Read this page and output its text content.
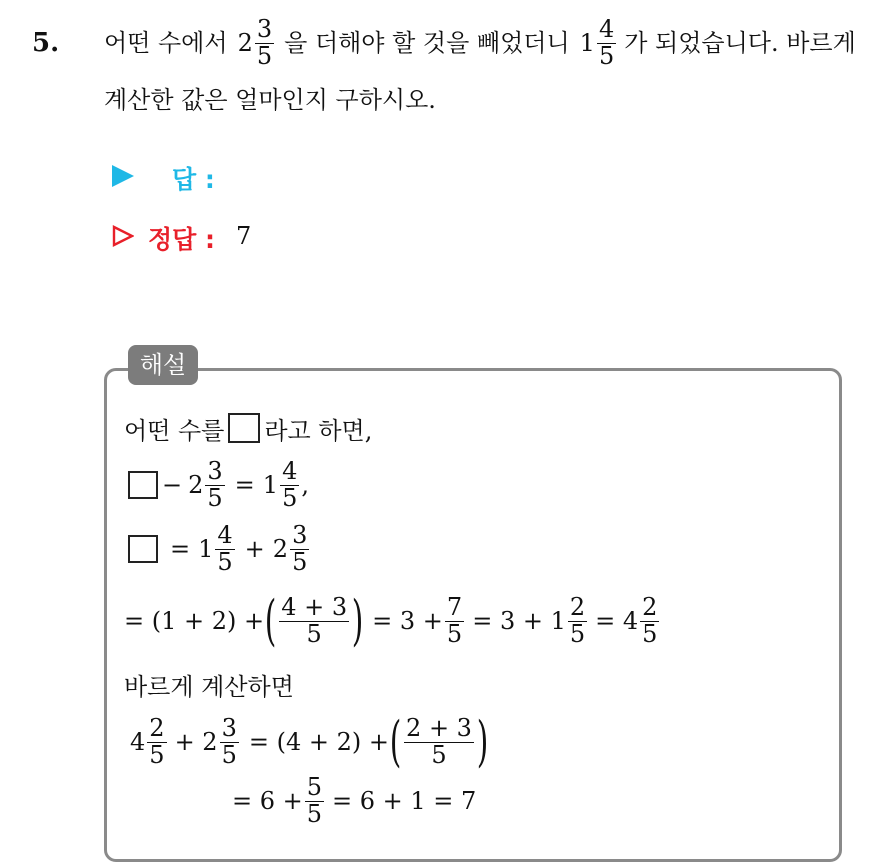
5. 어떤 수에서 $2 \frac{3}{5}$ 을 더해야 할 것을 빼었더니 $1 \frac{4}{5}$ 가 되었습니다. 바르게
계산한 값은 얼마인지 구하시오.
답 :
정답 : 7
해설
어떤 수를 라고 하면,
− $2 \frac{3}{5} = 1 \frac{4}{5}$ ,
= $1 \frac{4}{5} + 2 \frac{3}{5}$
= (1 + 2) + ( $\frac{4 + 3}{5}$ ) = $3 + \frac{7}{5} = 3 + 1 \frac{2}{5} = 4 \frac{2}{5}$
바르게 계산하면
$4 \frac{2}{5} + 2 \frac{3}{5} = (4 + 2)$ + ( $\frac{2 + 3}{5}$ )
= $6 + \frac{5}{5} = 6 + 1 = 7$
